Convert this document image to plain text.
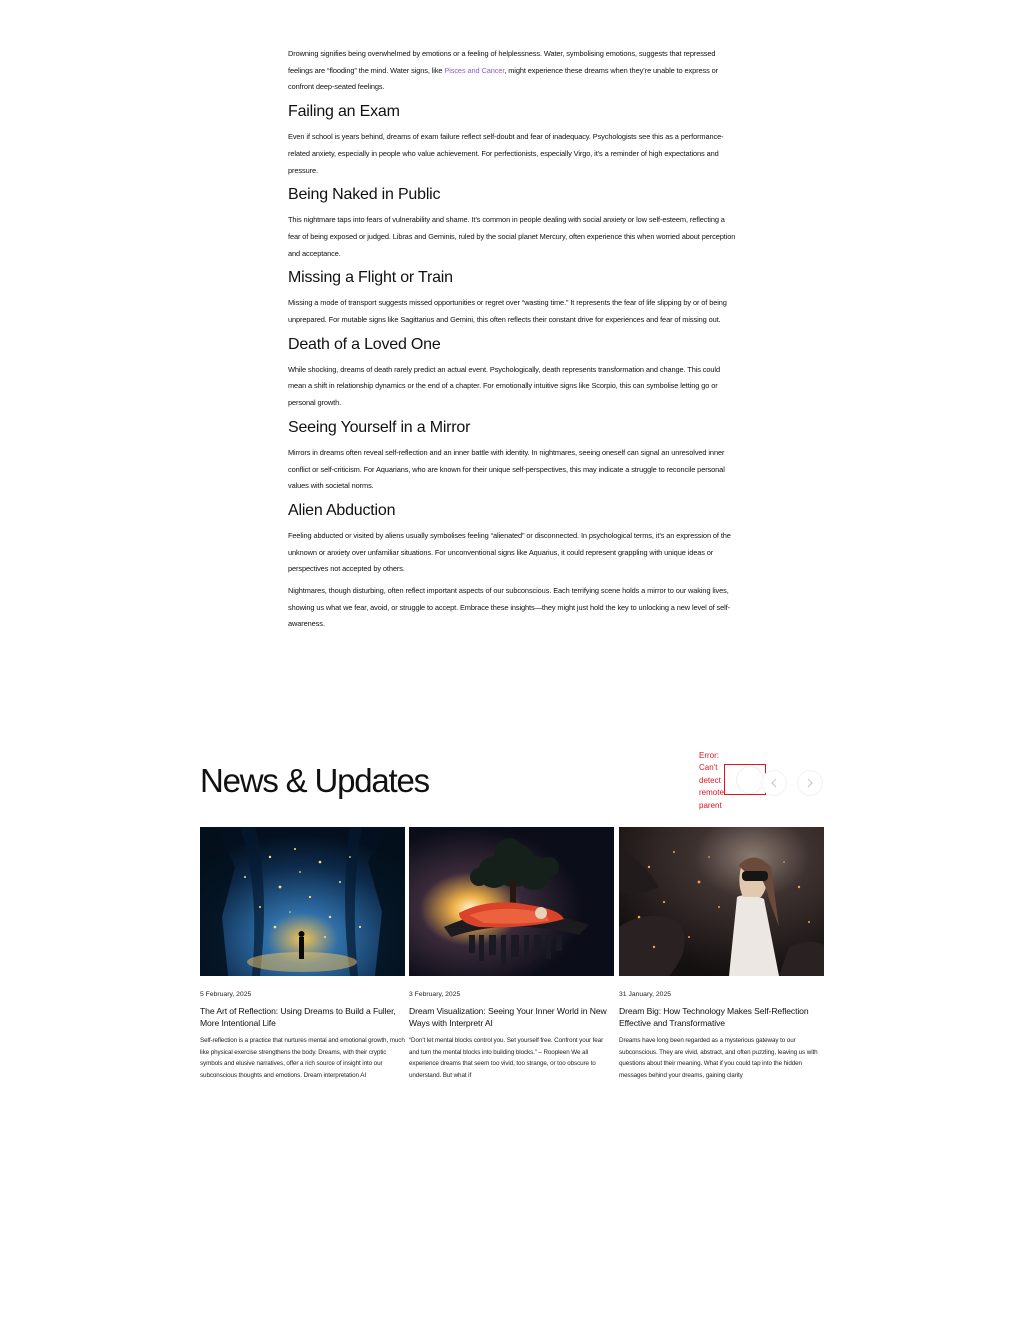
Drowning signifies being overwhelmed by emotions or a feeling of helplessness. Water, symbolising emotions, suggests that repressed feelings are “flooding” the mind. Water signs, like Pisces and Cancer, might experience these dreams when they’re unable to express or confront deep-seated feelings.

Failing an Exam

Even if school is years behind, dreams of exam failure reflect self-doubt and fear of inadequacy. Psychologists see this as a performance-related anxiety, especially in people who value achievement. For perfectionists, especially Virgo, it’s a reminder of high expectations and pressure.

Being Naked in Public

This nightmare taps into fears of vulnerability and shame. It’s common in people dealing with social anxiety or low self-esteem, reflecting a fear of being exposed or judged. Libras and Geminis, ruled by the social planet Mercury, often experience this when worried about perception and acceptance.

Missing a Flight or Train

Missing a mode of transport suggests missed opportunities or regret over “wasting time.” It represents the fear of life slipping by or of being unprepared. For mutable signs like Sagittarius and Gemini, this often reflects their constant drive for experiences and fear of missing out.

Death of a Loved One

While shocking, dreams of death rarely predict an actual event. Psychologically, death represents transformation and change. This could mean a shift in relationship dynamics or the end of a chapter. For emotionally intuitive signs like Scorpio, this can symbolise letting go or personal growth.

Seeing Yourself in a Mirror

Mirrors in dreams often reveal self-reflection and an inner battle with identity. In nightmares, seeing oneself can signal an unresolved inner conflict or self-criticism. For Aquarians, who are known for their unique self-perspectives, this may indicate a struggle to reconcile personal values with societal norms.

Alien Abduction

Feeling abducted or visited by aliens usually symbolises feeling “alienated” or disconnected. In psychological terms, it’s an expression of the unknown or anxiety over unfamiliar situations. For unconventional signs like Aquarius, it could represent grappling with unique ideas or perspectives not accepted by others.

Nightmares, though disturbing, often reflect important aspects of our subconscious. Each terrifying scene holds a mirror to our waking lives, showing us what we fear, avoid, or struggle to accept. Embrace these insights—they might just hold the key to unlocking a new level of self-awareness.

News & Updates
Error: Can't detect remote parent
5 February, 2025
The Art of Reflection: Using Dreams to Build a Fuller, More Intentional Life
Self-reflection is a practice that nurtures mental and emotional growth, much like physical exercise strengthens the body. Dreams, with their cryptic symbols and elusive narratives, offer a rich source of insight into our subconscious thoughts and emotions. Dream interpretation AI
3 February, 2025
Dream Visualization: Seeing Your Inner World in New Ways with Interpretr AI
“Don’t let mental blocks control you. Set yourself free. Confront your fear and turn the mental blocks into building blocks.” – Roopleen We all experience dreams that seem too vivid, too strange, or too obscure to understand. But what if
31 January, 2025
Dream Big: How Technology Makes Self-Reflection Effective and Transformative
Dreams have long been regarded as a mysterious gateway to our subconscious. They are vivid, abstract, and often puzzling, leaving us with questions about their meaning. What if you could tap into the hidden messages behind your dreams, gaining clarity
